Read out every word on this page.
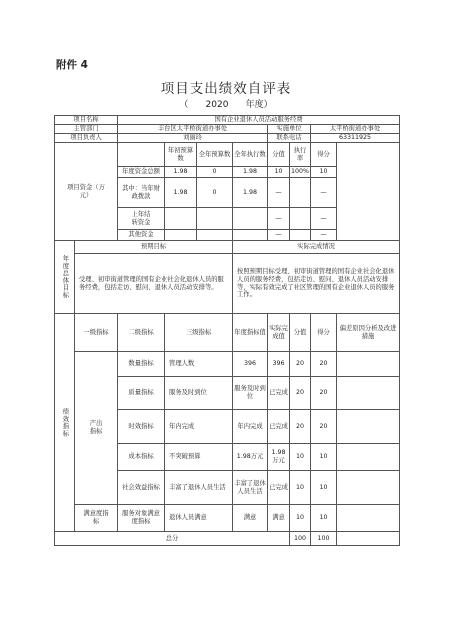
附件 4
项目支出绩效自评表
（ 2020 年度）
项目名称		国有企业退休人员活动服务经费							
主管部门		丰台区太平桥街道办事处				实施单位		太平桥街道办事处	
项目负责人		刘丽玲				联系电话		63311925	
项目资金（万元）			年初预算数	全年预算数	全年执行数	分值	执行率	得分	
		年度资金总额	1.98	0	1.98	10	100%	10	
		其中：当年财政拨款	1.98	0	1.98	—		—	
		上年结转资金				—		—	
		其他资金				—		—	

年度总体目标	预期目标				实际完成情况				
	受理、初审街道管理的国有企业社会化退休人员的服务经费，包括走访、慰问、退休人员活动安排等。				按照预期目标受理、初审街道管理的国有企业社会化退休人员的服务经费，包括走访、慰问、退休人员活动安排等，实际有效完成了社区管理的国有企业退休人员的服务工作。				

绩效指标	一级指标	二级指标	三级指标		年度指标值	实际完成值	分值	得分	偏差原因分析及改进措施
	产出指标	数量指标	管理人数		396	396	20	20	
		质量指标	服务及时到位		服务及时到位	已完成	20	20	
		时效指标	年内完成		年内完成	已完成	20	20	
		成本指标	不突破预算		1.98万元	1.98万元	10	10	
		社会效益指标	丰富了退休人员生活		丰富了退休人员生活	已完成	10	10	
	满意度指标	服务对象满意度指标	退休人员满意		满意	满意	10	10	
总分							100	100	
